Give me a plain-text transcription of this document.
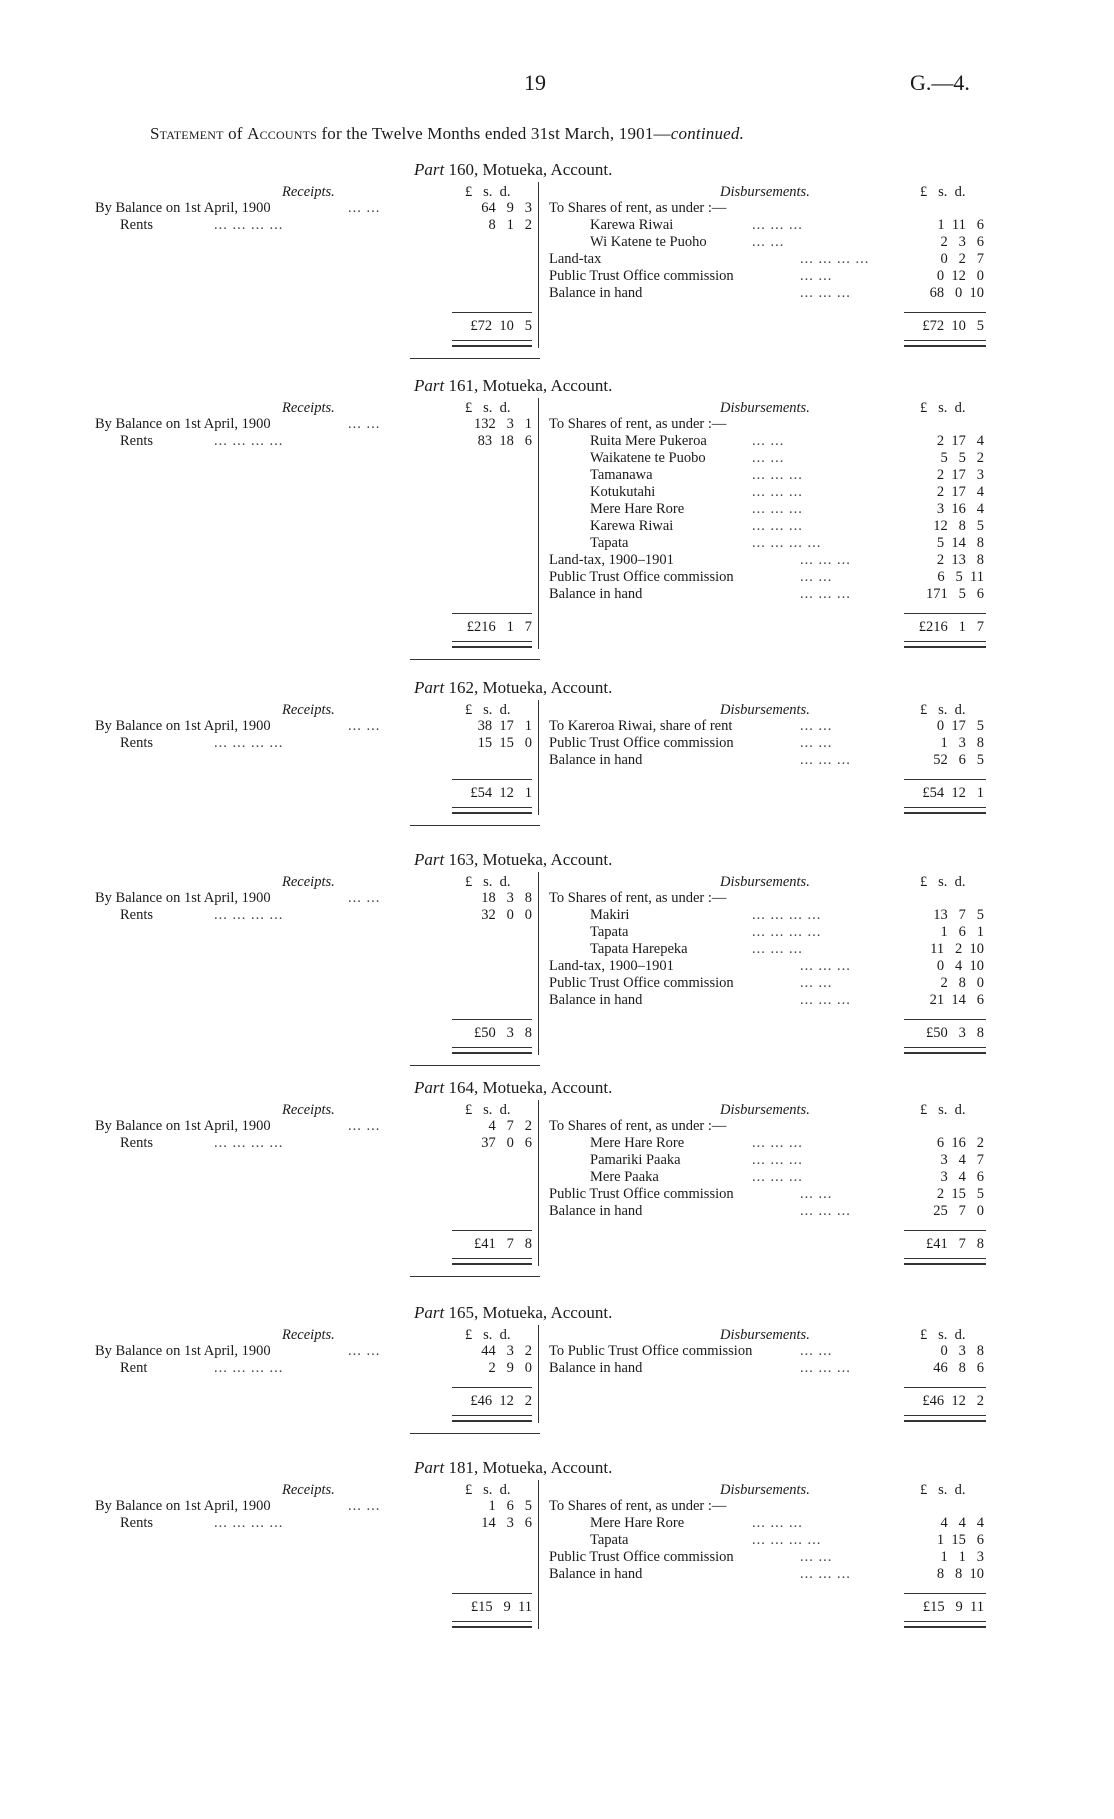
19	G.—4.
Statement of Accounts for the Twelve Months ended 31st March, 1901—continued.
Part 160, Motueka, Account.
Receipts.	£   s.  d.	Disbursements.	£   s.  d.
By Balance on 1st April, 1900	... ...	64   9   3
Rents	... ... ... ...	8   1   2
To Shares of rent, as under :—
Karewa Riwai	... ... ...	1  11   6
Wi Katene te Puoho	... ...	2   3   6
Land-tax	... ... ... ...	0   2   7
Public Trust Office commission	... ...	0  12   0
Balance in hand	... ... ...	68   0  10
£72  10   5	£72  10   5
Part 161, Motueka, Account.
Receipts.	£   s.  d.	Disbursements.	£   s.  d.
By Balance on 1st April, 1900	... ...	132   3   1
Rents	... ... ... ...	83  18   6
To Shares of rent, as under :—
Ruita Mere Pukeroa	... ...	2  17   4
Waikatene te Puobo	... ...	5   5   2
Tamanawa	... ... ...	2  17   3
Kotukutahi	... ... ...	2  17   4
Mere Hare Rore	... ... ...	3  16   4
Karewa Riwai	... ... ...	12   8   5
Tapata	... ... ... ...	5  14   8
Land-tax, 1900–1901	... ... ...	2  13   8
Public Trust Office commission	... ...	6   5  11
Balance in hand	... ... ...	171   5   6
£216   1   7	£216   1   7
Part 162, Motueka, Account.
Receipts.	£   s.  d.	Disbursements.	£   s.  d.
By Balance on 1st April, 1900	... ...	38  17   1
Rents	... ... ... ...	15  15   0
To Kareroa Riwai, share of rent	... ...	0  17   5
Public Trust Office commission	... ...	1   3   8
Balance in hand	... ... ...	52   6   5
£54  12   1	£54  12   1
Part 163, Motueka, Account.
Receipts.	£   s.  d.	Disbursements.	£   s.  d.
By Balance on 1st April, 1900	... ...	18   3   8
Rents	... ... ... ...	32   0   0
To Shares of rent, as under :—
Makiri	... ... ... ...	13   7   5
Tapata	... ... ... ...	1   6   1
Tapata Harepeka	... ... ...	11   2  10
Land-tax, 1900–1901	... ... ...	0   4  10
Public Trust Office commission	... ...	2   8   0
Balance in hand	... ... ...	21  14   6
£50   3   8	£50   3   8
Part 164, Motueka, Account.
Receipts.	£   s.  d.	Disbursements.	£   s.  d.
By Balance on 1st April, 1900	... ...	4   7   2
Rents	... ... ... ...	37   0   6
To Shares of rent, as under :—
Mere Hare Rore	... ... ...	6  16   2
Pamariki Paaka	... ... ...	3   4   7
Mere Paaka	... ... ...	3   4   6
Public Trust Office commission	... ...	2  15   5
Balance in hand	... ... ...	25   7   0
£41   7   8	£41   7   8
Part 165, Motueka, Account.
Receipts.	£   s.  d.	Disbursements.	£   s.  d.
By Balance on 1st April, 1900	... ...	44   3   2
Rent	... ... ... ...	2   9   0
To Public Trust Office commission	... ...	0   3   8
Balance in hand	... ... ...	46   8   6
£46  12   2	£46  12   2
Part 181, Motueka, Account.
Receipts.	£   s.  d.	Disbursements.	£   s.  d.
By Balance on 1st April, 1900	... ...	1   6   5
Rents	... ... ... ...	14   3   6
To Shares of rent, as under :—
Mere Hare Rore	... ... ...	4   4   4
Tapata	... ... ... ...	1  15   6
Public Trust Office commission	... ...	1   1   3
Balance in hand	... ... ...	8   8  10
£15   9  11	£15   9  11
